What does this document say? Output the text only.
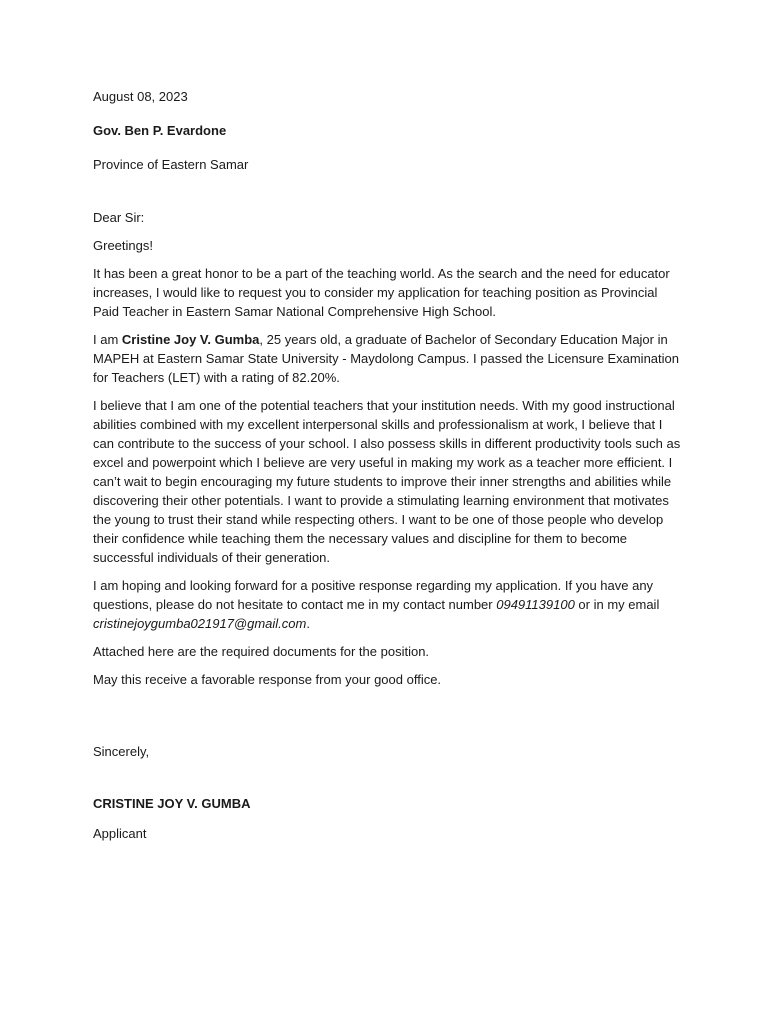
August 08, 2023

Gov. Ben P. Evardone

Province of Eastern Samar

Dear Sir:

Greetings!

It has been a great honor to be a part of the teaching world. As the search and the need for educator increases, I would like to request you to consider my application for teaching position as Provincial Paid Teacher in Eastern Samar National Comprehensive High School.

I am Cristine Joy V. Gumba, 25 years old, a graduate of Bachelor of Secondary Education Major in MAPEH at Eastern Samar State University - Maydolong Campus. I passed the Licensure Examination for Teachers (LET) with a rating of 82.20%.

I believe that I am one of the potential teachers that your institution needs. With my good instructional abilities combined with my excellent interpersonal skills and professionalism at work, I believe that I can contribute to the success of your school. I also possess skills in different productivity tools such as excel and powerpoint which I believe are very useful in making my work as a teacher more efficient. I can’t wait to begin encouraging my future students to improve their inner strengths and abilities while discovering their other potentials. I want to provide a stimulating learning environment that motivates the young to trust their stand while respecting others. I want to be one of those people who develop their confidence while teaching them the necessary values and discipline for them to become successful individuals of their generation.

I am hoping and looking forward for a positive response regarding my application. If you have any questions, please do not hesitate to contact me in my contact number 09491139100 or in my email cristinejoygumba021917@gmail.com.

Attached here are the required documents for the position.

May this receive a favorable response from your good office.

Sincerely,

CRISTINE JOY V. GUMBA

Applicant
